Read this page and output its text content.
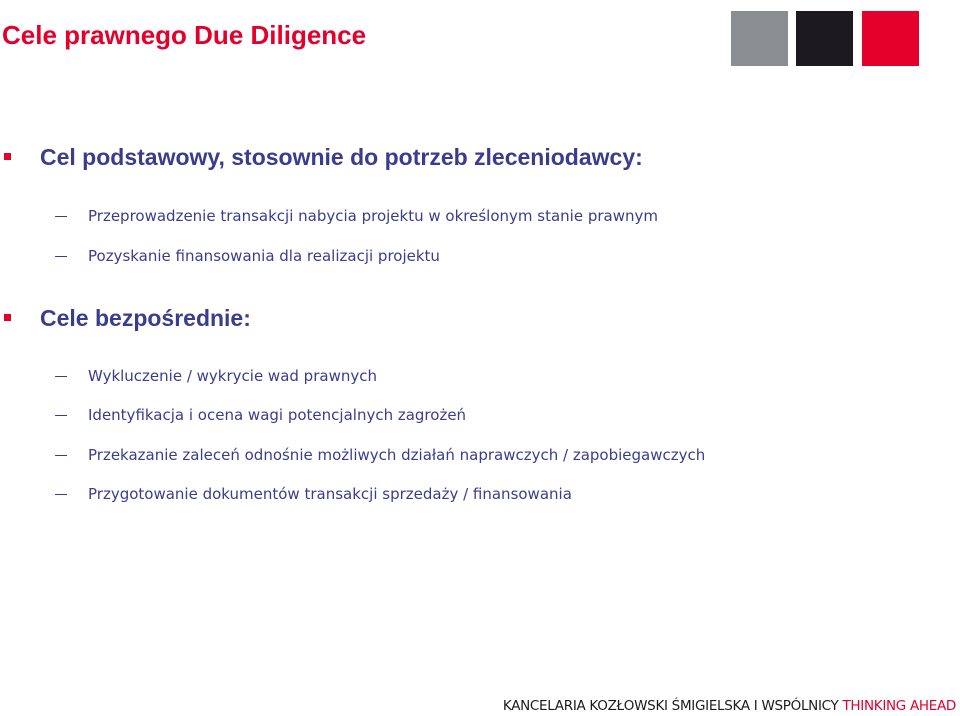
Cele prawnego Due Diligence
Cel podstawowy, stosownie do potrzeb zleceniodawcy:
Przeprowadzenie transakcji nabycia projektu w określonym stanie prawnym
Pozyskanie finansowania dla realizacji projektu
Cele bezpośrednie:
Wykluczenie / wykrycie wad prawnych
Identyfikacja i ocena wagi potencjalnych zagrożeń
Przekazanie zaleceń odnośnie możliwych działań naprawczych / zapobiegawczych
Przygotowanie dokumentów transakcji sprzedaży / finansowania
KANCELARIA KOZŁOWSKI ŚMIGIELSKA I WSPÓLNICY THINKING AHEAD
